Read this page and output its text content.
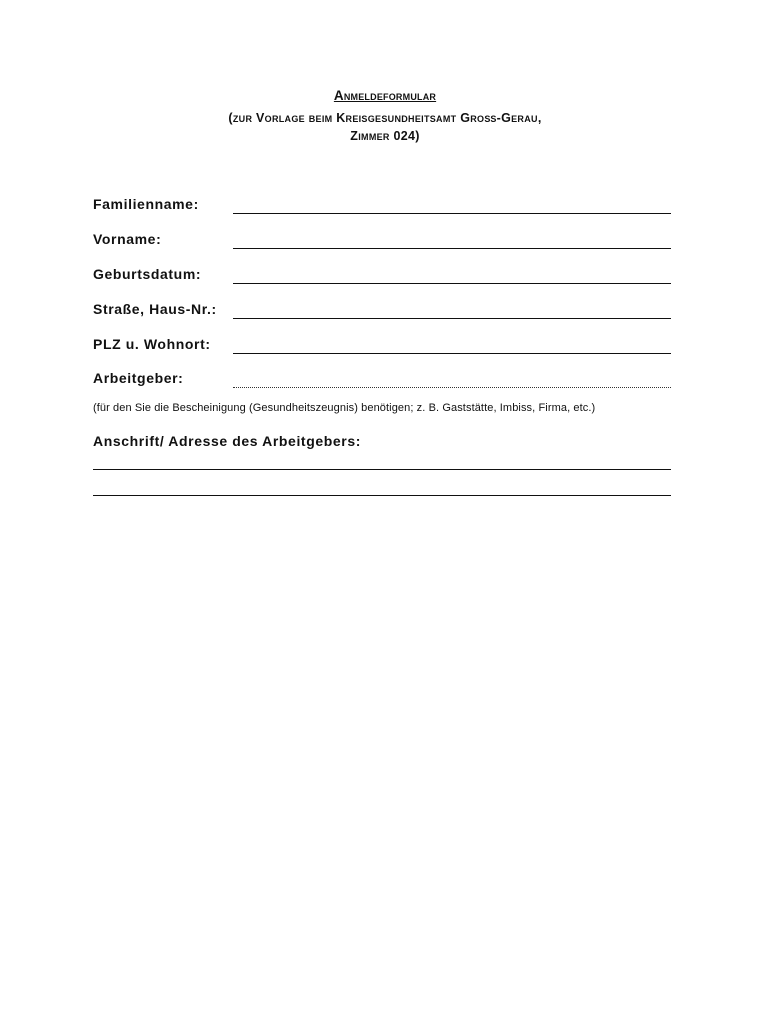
Anmeldeformular
(zur Vorlage beim Kreisgesundheitsamt Groß-Gerau,
Zimmer 024)
Familienname:
Vorname:
Geburtsdatum:
Straße, Haus-Nr.:
PLZ u. Wohnort:
Arbeitgeber:
(für den Sie die Bescheinigung (Gesundheitszeugnis) benötigen; z. B. Gaststätte, Imbiss, Firma, etc.)
Anschrift/ Adresse des Arbeitgebers:
